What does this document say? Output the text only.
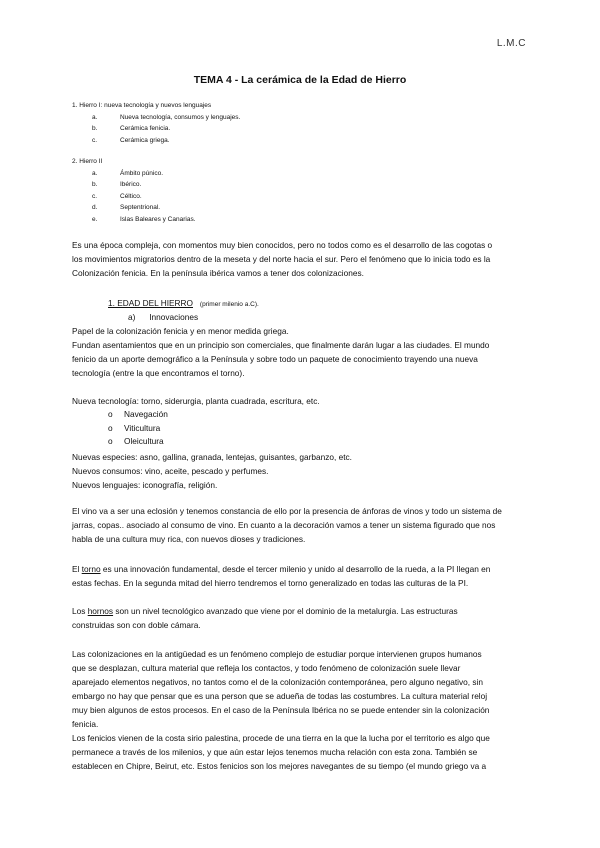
L.M.C
TEMA 4 - La cerámica de la Edad de Hierro

1. Hierro I: nueva tecnología y nuevos lenguajes

a.	Nueva tecnología, consumos y lenguajes.
b.	Cerámica fenicia.
c.	Cerámica griega.

2. Hierro II

a.	Ámbito púnico.
b.	Ibérico.
c.	Céltico.
d.	Septentrional.
e.	Islas Baleares y Canarias.

Es una época compleja, con momentos muy bien conocidos, pero no todos como es el desarrollo de las cogotas o

los movimientos migratorios dentro de la meseta y del norte hacia el sur. Pero el fenómeno que lo inicia todo es la

Colonización fenicia. En la península ibérica vamos a tener dos colonizaciones.

1. EDAD DEL HIERRO (primer milenio a.C).
a) Innovaciones

Papel de la colonización fenicia y en menor medida griega.

Fundan asentamientos que en un principio son comerciales, que finalmente darán lugar a las ciudades. El mundo

fenicio da un aporte demográfico a la Península y sobre todo un paquete de conocimiento trayendo una nueva

tecnología (entre la que encontramos el torno).

Nueva tecnología: torno, siderurgia, planta cuadrada, escritura, etc.

o Navegación
o Viticultura
o Oleicultura

Nuevas especies: asno, gallina, granada, lentejas, guisantes, garbanzo, etc.

Nuevos consumos: vino, aceite, pescado y perfumes.

Nuevos lenguajes: iconografía, religión.

El vino va a ser una eclosión y tenemos constancia de ello por la presencia de ánforas de vinos y todo un sistema de

jarras, copas.. asociado al consumo de vino. En cuanto a la decoración vamos a tener un sistema figurado que nos

habla de una cultura muy rica, con nuevos dioses y tradiciones.

El torno es una innovación fundamental, desde el tercer milenio y unido al desarrollo de la rueda, a la PI llegan en

estas fechas. En la segunda mitad del hierro tendremos el torno generalizado en todas las culturas de la PI.

Los hornos son un nivel tecnológico avanzado que viene por el dominio de la metalurgia. Las estructuras

construidas son con doble cámara.

Las colonizaciones en la antigüedad es un fenómeno complejo de estudiar porque intervienen grupos humanos

que se desplazan, cultura material que refleja los contactos, y todo fenómeno de colonización suele llevar

aparejado elementos negativos, no tantos como el de la colonización contemporánea, pero alguno negativo, sin

embargo no hay que pensar que es una person que se adueña de todas las costumbres. La cultura material reloj

muy bien algunos de estos procesos. En el caso de la Península Ibérica no se puede entender sin la colonización

fenicia.

Los fenicios vienen de la costa sirio palestina, procede de una tierra en la que la lucha por el territorio es algo que

permanece a través de los milenios, y que aún estar lejos tenemos mucha relación con esta zona. También se

establecen en Chipre, Beirut, etc. Estos fenicios son los mejores navegantes de su tiempo (el mundo griego va a
